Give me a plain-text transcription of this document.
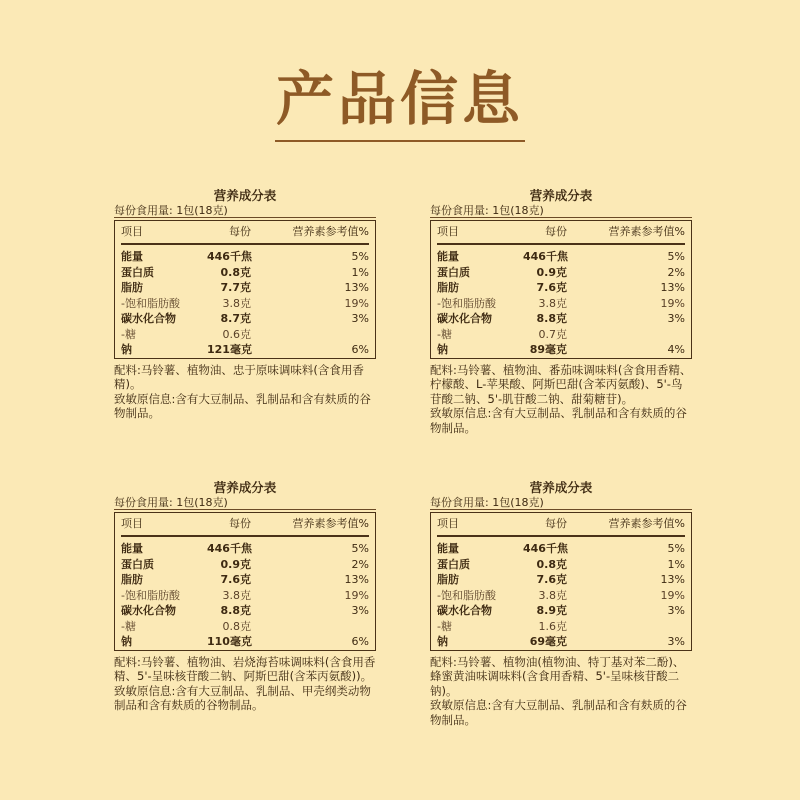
产品信息
营养成分表
每份食用量: 1包(18克)
项目	每份	营养素参考值%
能量	446千焦	5%
蛋白质	0.8克	1%
脂肪	7.7克	13%
-饱和脂肪酸	3.8克	19%
碳水化合物	8.7克	3%
-糖	0.6克
钠	121毫克	6%

配料:马铃薯、植物油、忠于原味调味料(含食用香精)。

致敏原信息:含有大豆制品、乳制品和含有麸质的谷物制品。

营养成分表
每份食用量: 1包(18克)
项目	每份	营养素参考值%
能量	446千焦	5%
蛋白质	0.9克	2%
脂肪	7.6克	13%
-饱和脂肪酸	3.8克	19%
碳水化合物	8.8克	3%
-糖	0.7克
钠	89毫克	4%

配料:马铃薯、植物油、番茄味调味料(含食用香精、柠檬酸、L-苹果酸、阿斯巴甜(含苯丙氨酸)、5'-鸟苷酸二钠、5'-肌苷酸二钠、甜菊糖苷)。

致敏原信息:含有大豆制品、乳制品和含有麸质的谷物制品。

营养成分表
每份食用量: 1包(18克)
项目	每份	营养素参考值%
能量	446千焦	5%
蛋白质	0.9克	2%
脂肪	7.6克	13%
-饱和脂肪酸	3.8克	19%
碳水化合物	8.8克	3%
-糖	0.8克
钠	110毫克	6%

配料:马铃薯、植物油、岩烧海苔味调味料(含食用香精、5'-呈味核苷酸二钠、阿斯巴甜(含苯丙氨酸))。

致敏原信息:含有大豆制品、乳制品、甲壳纲类动物制品和含有麸质的谷物制品。

营养成分表
每份食用量: 1包(18克)
项目	每份	营养素参考值%
能量	446千焦	5%
蛋白质	0.8克	1%
脂肪	7.6克	13%
-饱和脂肪酸	3.8克	19%
碳水化合物	8.9克	3%
-糖	1.6克
钠	69毫克	3%

配料:马铃薯、植物油(植物油、特丁基对苯二酚)、蜂蜜黄油味调味料(含食用香精、5'-呈味核苷酸二钠)。

致敏原信息:含有大豆制品、乳制品和含有麸质的谷物制品。
